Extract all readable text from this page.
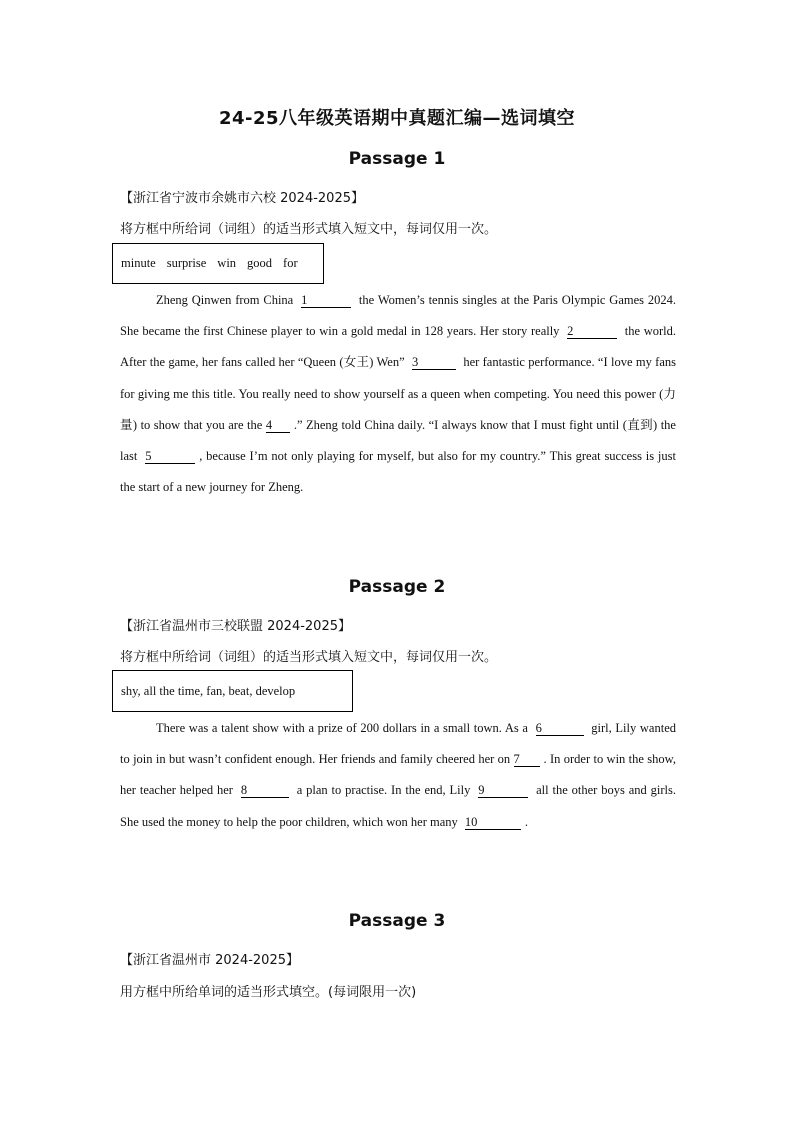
24-25八年级英语期中真题汇编—选词填空
Passage 1
【浙江省宁波市余姚市六校 2024-2025】
将方框中所给词（词组）的适当形式填入短文中，每词仅用一次。
minute surprise win good for
Zheng Qinwen from China 1	the Women’s tennis singles at the Paris Olympic Games 2024. She became the first Chinese player to win a gold medal in 128 years. Her story really 2	the world. After the game, her fans called her “Queen (女王) Wen” 3	her fantastic performance. “I love my fans for giving me this title. You really need to show yourself as a queen when competing. You need this power (力量) to show that you are the 4 .” Zheng told China daily. “I always know that I must fight until (直到) the last 5	, because I’m not only playing for myself, but also for my country.” This great success is just the start of a new journey for Zheng.
Passage 2
【浙江省温州市三校联盟 2024-2025】
将方框中所给词（词组）的适当形式填入短文中，每词仅用一次。
shy, all the time, fan, beat, develop
There was a talent show with a prize of 200 dollars in a small town. As a 6	girl, Lily wanted to join in but wasn’t confident enough. Her friends and family cheered her on 7 . In order to win the show, her teacher helped her 8	a plan to practise. In the end, Lily 9	all the other boys and girls. She used the money to help the poor children, which won her many 10	.
Passage 3
【浙江省温州市 2024-2025】
用方框中所给单词的适当形式填空。(每词限用一次)
